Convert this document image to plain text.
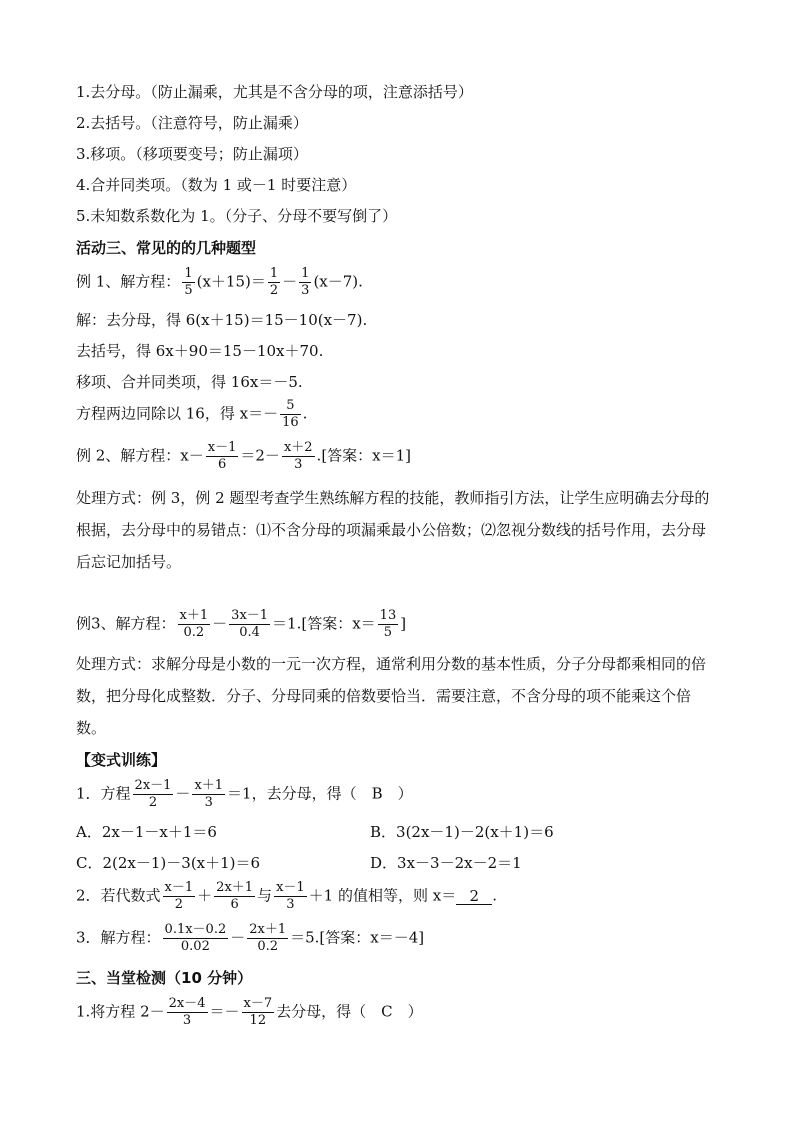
1.去分母。（防止漏乘，尤其是不含分母的项，注意添括号）
2.去括号。（注意符号，防止漏乘）
3.移项。（移项要变号；防止漏项）
4.合并同类项。（数为 1 或－1 时要注意）
5.未知数系数化为 1。（分子、分母不要写倒了）
活动三、常见的的几种题型
例 1、解方程： $\frac{1}{5} (x+15)= \frac{1}{2} - \frac{1}{3} (x-7)$.
解：去分母，得 6(x＋15)＝15－10(x－7).
去括号，得 6x＋90＝15－10x＋70.
移项、合并同类项，得 16x＝－5.
方程两边同除以 16，得 $x=- \frac{5}{16}$ .
例 2、解方程：$x- \frac{x-1}{6} =2- \frac{x+2}{3}$ .[答案：x＝1]
处理方式：例 3，例 2 题型考查学生熟练解方程的技能，教师指引方法，让学生应明确去分母的根据，去分母中的易错点：⑴不含分母的项漏乘最小公倍数；⑵忽视分数线的括号作用，去分母后忘记加括号。
例3、解方程： $\frac{x+1}{0.2} - \frac{3x-1}{0.4} =1$.[答案：$x= \frac{13}{5}$ ]
处理方式：求解分母是小数的一元一次方程，通常利用分数的基本性质，分子分母都乘相同的倍数，把分母化成整数．分子、分母同乘的倍数要恰当．需要注意，不含分母的项不能乘这个倍数。
【变式训练】
1．方程 $\frac{2x-1}{2} - \frac{x+1}{3} =1$，去分母，得（　B　）
A．2x－1－x＋1＝6	B．3(2x－1)－2(x＋1)＝6
C．2(2x－1)－3(x＋1)＝6	D．3x－3－2x－2＝1
2．若代数式 $\frac{x-1}{2} + \frac{2x+1}{6}$ 与 $\frac{x-1}{3} +1$ 的值相等，则 x＝ 2 .
3．解方程： $\frac{0.1x-0.2}{0.02} - \frac{2x+1}{0.2} =5$.[答案：x＝－4]
三、当堂检测（10 分钟）
1.将方程 $2- \frac{2x-4}{3} =- \frac{x-7}{12}$ 去分母，得（　C　）
